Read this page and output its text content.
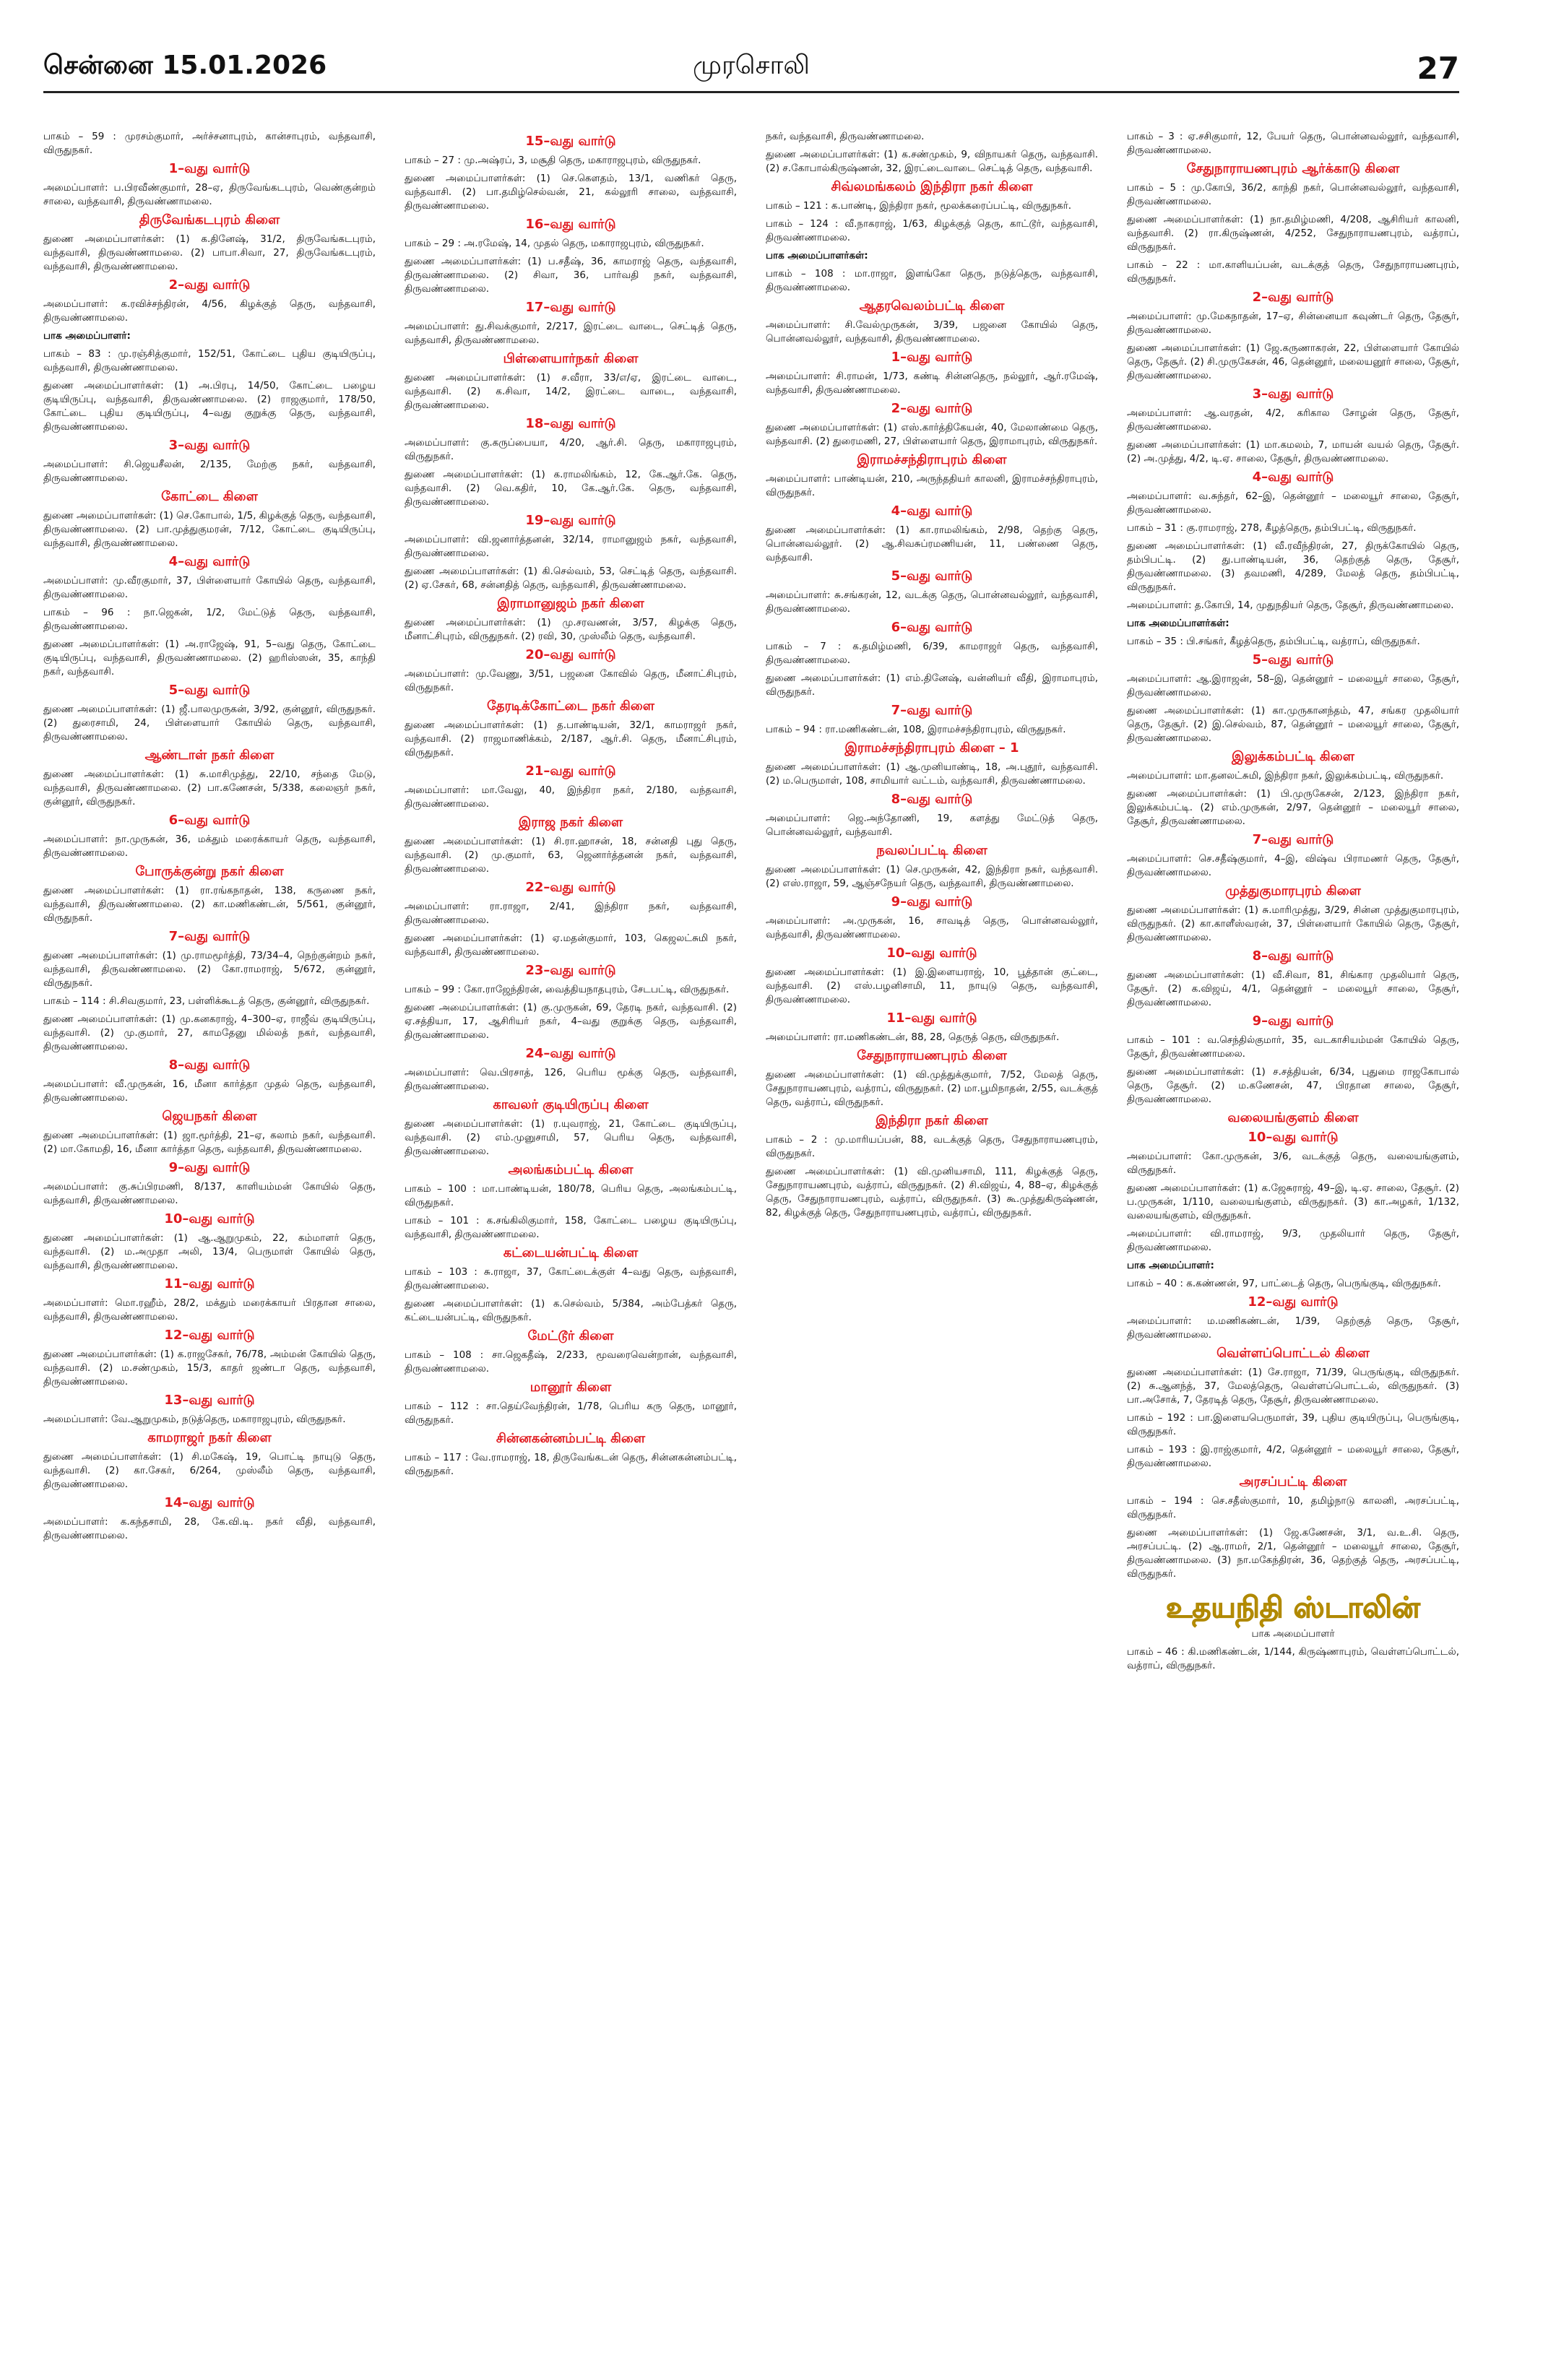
சென்னை 15.01.2026	முரசொலி	27
பாகம் – 59 : முரசம்குமார், அர்ச்சனாபுரம், கான்சாபுரம், வந்தவாசி, விருதுநகர்.
1–வது வார்டு
அமைப்பாளர்: ப.பிரவீண்குமார், 28–ஏ, திருவேங்கடபுரம், வெண்குன்றம் சாலை, வந்தவாசி, திருவண்ணாமலை.
திருவேங்கடபுரம் கிளை
துணை அமைப்பாளர்கள்: (1) க.தினேஷ், 31/2, திருவேங்கடபுரம், வந்தவாசி, திருவண்ணாமலை. (2) பாபா.சிவா, 27, திருவேங்கடபுரம், வந்தவாசி, திருவண்ணாமலை.
2–வது வார்டு
அமைப்பாளர்: க.ரவிச்சந்திரன், 4/56, கிழக்குத் தெரு, வந்தவாசி, திருவண்ணாமலை.
பாக அமைப்பாளர்:
பாகம் – 83 : மு.ரஞ்சித்குமார், 152/51, கோட்டை புதிய குடியிருப்பு, வந்தவாசி, திருவண்ணாமலை.
துணை அமைப்பாளர்கள்: (1) அ.பிரபு, 14/50, கோட்டை பழைய குடியிருப்பு, வந்தவாசி, திருவண்ணாமலை. (2) ராஜகுமார், 178/50, கோட்டை புதிய குடியிருப்பு, 4–வது குறுக்கு தெரு, வந்தவாசி, திருவண்ணாமலை.
3–வது வார்டு
அமைப்பாளர்: சி.ஜெயசீலன், 2/135, மேற்கு நகர், வந்தவாசி, திருவண்ணாமலை.
கோட்டை கிளை
துணை அமைப்பாளர்கள்: (1) செ.கோபால், 1/5, கிழக்குத் தெரு, வந்தவாசி, திருவண்ணாமலை. (2) பா.முத்துகுமரன், 7/12, கோட்டை குடியிருப்பு, வந்தவாசி, திருவண்ணாமலை.
4–வது வார்டு
அமைப்பாளர்: மு.வீரகுமார், 37, பிள்ளையார் கோயில் தெரு, வந்தவாசி, திருவண்ணாமலை.
பாகம் – 96 : நா.ஜெகன், 1/2, மேட்டுத் தெரு, வந்தவாசி, திருவண்ணாமலை.
துணை அமைப்பாளர்கள்: (1) அ.ராஜேஷ், 91, 5–வது தெரு, கோட்டை குடியிருப்பு, வந்தவாசி, திருவண்ணாமலை. (2) ஹரிஸ்ஸன், 35, காந்தி நகர், வந்தவாசி.
5–வது வார்டு
துணை அமைப்பாளர்கள்: (1) ஜீ.பாலமுருகன், 3/92, குன்னூர், விருதுநகர். (2) துரைசாமி, 24, பிள்ளையார் கோயில் தெரு, வந்தவாசி, திருவண்ணாமலை.
ஆண்டாள் நகர் கிளை
துணை அமைப்பாளர்கள்: (1) சு.மாசிமுத்து, 22/10, சந்தை மேடு, வந்தவாசி, திருவண்ணாமலை. (2) பா.கணேசன், 5/338, கலைஞர் நகர், குன்னூர், விருதுநகர்.
6–வது வார்டு
அமைப்பாளர்: நா.முருகன், 36, மக்தும் மரைக்காயர் தெரு, வந்தவாசி, திருவண்ணாமலை.
போருக்குன்று நகர் கிளை
துணை அமைப்பாளர்கள்: (1) ரா.ரங்கநாதன், 138, கருணை நகர், வந்தவாசி, திருவண்ணாமலை. (2) கா.மணிகண்டன், 5/561, குன்னூர், விருதுநகர்.
7–வது வார்டு
துணை அமைப்பாளர்கள்: (1) மு.ராமமூர்த்தி, 73/34–4, நெற்குன்றம் நகர், வந்தவாசி, திருவண்ணாமலை. (2) கோ.ராமராஜ், 5/672, குன்னூர், விருதுநகர்.
பாகம் – 114 : சி.சிவகுமார், 23, பள்ளிக்கூடத் தெரு, குன்னூர், விருதுநகர்.
துணை அமைப்பாளர்கள்: (1) மு.கனகராஜ், 4–300–ஏ, ராஜீவ் குடியிருப்பு, வந்தவாசி. (2) மு.குமார், 27, காமதேனு மில்லத் நகர், வந்தவாசி, திருவண்ணாமலை.
8–வது வார்டு
அமைப்பாளர்: வீ.முருகன், 16, மீனா கார்த்தா முதல் தெரு, வந்தவாசி, திருவண்ணாமலை.
ஜெயநகர் கிளை
துணை அமைப்பாளர்கள்: (1) ஜா.மூர்த்தி, 21–ஏ, கலாம் நகர், வந்தவாசி. (2) மா.கோமதி, 16, மீனா கார்த்தா தெரு, வந்தவாசி, திருவண்ணாமலை.
9–வது வார்டு
அமைப்பாளர்: கு.சுப்பிரமணி, 8/137, காளியம்மன் கோயில் தெரு, வந்தவாசி, திருவண்ணாமலை.
10–வது வார்டு
துணை அமைப்பாளர்கள்: (1) ஆ.ஆறுமுகம், 22, கம்மாளர் தெரு, வந்தவாசி. (2) ம.அமுதா அலி, 13/4, பெருமாள் கோயில் தெரு, வந்தவாசி, திருவண்ணாமலை.
11–வது வார்டு
அமைப்பாளர்: மொ.ரஹீம், 28/2, மக்தும் மரைக்காயர் பிரதான சாலை, வந்தவாசி, திருவண்ணாமலை.
12–வது வார்டு
துணை அமைப்பாளர்கள்: (1) க.ராஜசேகர், 76/78, அம்மன் கோயில் தெரு, வந்தவாசி. (2) ம.சண்முகம், 15/3, காதர் ஜண்டா தெரு, வந்தவாசி, திருவண்ணாமலை.
13–வது வார்டு
அமைப்பாளர்: வே.ஆறுமுகம், நடுத்தெரு, மகாராஜபுரம், விருதுநகர்.
காமராஜர் நகர் கிளை
துணை அமைப்பாளர்கள்: (1) சி.மகேஷ், 19, பொட்டி நாயுடு தெரு, வந்தவாசி. (2) கா.சேகர், 6/264, முஸ்லீம் தெரு, வந்தவாசி, திருவண்ணாமலை.
14–வது வார்டு
அமைப்பாளர்: க.கந்தசாமி, 28, கே.வி.டி. நகர் வீதி, வந்தவாசி, திருவண்ணாமலை.
15–வது வார்டு
பாகம் – 27 : மு.அஷ்ரப், 3, மசூதி தெரு, மகாராஜபுரம், விருதுநகர்.
துணை அமைப்பாளர்கள்: (1) செ.கௌதம், 13/1, வணிகர் தெரு, வந்தவாசி. (2) பா.தமிழ்செல்வன், 21, கல்லூரி சாலை, வந்தவாசி, திருவண்ணாமலை.
16–வது வார்டு
பாகம் – 29 : அ.ரமேஷ், 14, முதல் தெரு, மகாராஜபுரம், விருதுநகர்.
துணை அமைப்பாளர்கள்: (1) ப.சதீஷ், 36, காமராஜ் தெரு, வந்தவாசி, திருவண்ணாமலை. (2) சிவா, 36, பார்வதி நகர், வந்தவாசி, திருவண்ணாமலை.
17–வது வார்டு
அமைப்பாளர்: து.சிவக்குமார், 2/217, இரட்டை வாடை, செட்டித் தெரு, வந்தவாசி, திருவண்ணாமலை.
பிள்ளையார்நகர் கிளை
துணை அமைப்பாளர்கள்: (1) ச.வீரா, 33/எ/ஏ, இரட்டை வாடை, வந்தவாசி. (2) க.சிவா, 14/2, இரட்டை வாடை, வந்தவாசி, திருவண்ணாமலை.
18–வது வார்டு
அமைப்பாளர்: கு.கருப்பையா, 4/20, ஆர்.சி. தெரு, மகாராஜபுரம், விருதுநகர்.
துணை அமைப்பாளர்கள்: (1) க.ராமலிங்கம், 12, கே.ஆர்.கே. தெரு, வந்தவாசி. (2) வெ.கதிர், 10, கே.ஆர்.கே. தெரு, வந்தவாசி, திருவண்ணாமலை.
19–வது வார்டு
அமைப்பாளர்: வி.ஜனார்த்தனன், 32/14, ராமானுஜம் நகர், வந்தவாசி, திருவண்ணாமலை.
துணை அமைப்பாளர்கள்: (1) கி.செல்வம், 53, செட்டித் தெரு, வந்தவாசி. (2) ஏ.சேகர், 68, சன்னதித் தெரு, வந்தவாசி, திருவண்ணாமலை.
இராமானுஜம் நகர் கிளை
துணை அமைப்பாளர்கள்: (1) மு.சரவணன், 3/57, கிழக்கு தெரு, மீனாட்சிபுரம், விருதுநகர். (2) ரவி, 30, முஸ்லீம் தெரு, வந்தவாசி.
20–வது வார்டு
அமைப்பாளர்: மு.வேணு, 3/51, பஜனை கோவில் தெரு, மீனாட்சிபுரம், விருதுநகர்.
தேரடிக்கோட்டை நகர் கிளை
துணை அமைப்பாளர்கள்: (1) த.பாண்டியன், 32/1, காமராஜர் நகர், வந்தவாசி. (2) ராஜமாணிக்கம், 2/187, ஆர்.சி. தெரு, மீனாட்சிபுரம், விருதுநகர்.
21–வது வார்டு
அமைப்பாளர்: மா.வேலு, 40, இந்திரா நகர், 2/180, வந்தவாசி, திருவண்ணாமலை.
இராஜ நகர் கிளை
துணை அமைப்பாளர்கள்: (1) சி.ரா.ஹாசன், 18, சன்னதி புது தெரு, வந்தவாசி. (2) மு.குமார், 63, ஜெனார்த்தனன் நகர், வந்தவாசி, திருவண்ணாமலை.
22–வது வார்டு
அமைப்பாளர்: ரா.ராஜா, 2/41, இந்திரா நகர், வந்தவாசி, திருவண்ணாமலை.
துணை அமைப்பாளர்கள்: (1) ஏ.மதன்குமார், 103, கெஜலட்சுமி நகர், வந்தவாசி, திருவண்ணாமலை.
23–வது வார்டு
பாகம் – 99 : கோ.ராஜேந்திரன், வைத்தியநாதபுரம், சேடபட்டி, விருதுநகர்.
துணை அமைப்பாளர்கள்: (1) கு.முருகன், 69, தேரடி நகர், வந்தவாசி. (2) ஏ.சத்தியா, 17, ஆசிரியர் நகர், 4–வது குறுக்கு தெரு, வந்தவாசி, திருவண்ணாமலை.
24–வது வார்டு
அமைப்பாளர்: வெ.பிரசாத், 126, பெரிய மூக்கு தெரு, வந்தவாசி, திருவண்ணாமலை.
காவலர் குடியிருப்பு கிளை
துணை அமைப்பாளர்கள்: (1) ர.யுவராஜ், 21, கோட்டை குடியிருப்பு, வந்தவாசி. (2) எம்.முனுசாமி, 57, பெரிய தெரு, வந்தவாசி, திருவண்ணாமலை.
அலங்கம்பட்டி கிளை
பாகம் – 100 : மா.பாண்டியன், 180/78, பெரிய தெரு, அலங்கம்பட்டி, விருதுநகர்.
பாகம் – 101 : க.சங்கிலிகுமார், 158, கோட்டை பழைய குடியிருப்பு, வந்தவாசி, திருவண்ணாமலை.
கட்டையன்பட்டி கிளை
பாகம் – 103 : சு.ராஜா, 37, கோட்டைக்குள் 4–வது தெரு, வந்தவாசி, திருவண்ணாமலை.
துணை அமைப்பாளர்கள்: (1) க.செல்வம், 5/384, அம்பேத்கர் தெரு, கட்டையன்பட்டி, விருதுநகர்.
மேட்டூர் கிளை
பாகம் – 108 : சா.ஜெகதீஷ், 2/233, மூவரைவென்றான், வந்தவாசி, திருவண்ணாமலை.
மானூர் கிளை
பாகம் – 112 : சா.தெய்வேந்திரன், 1/78, பெரிய கரு தெரு, மானூர், விருதுநகர்.
சின்னகன்னம்பட்டி கிளை
பாகம் – 117 : வே.ராமராஜ், 18, திருவேங்கடன் தெரு, சின்னகன்னம்பட்டி, விருதுநகர்.
நகர், வந்தவாசி, திருவண்ணாமலை.
துணை அமைப்பாளர்கள்: (1) க.சண்முகம், 9, விநாயகர் தெரு, வந்தவாசி. (2) ச.கோபால்கிருஷ்ணன், 32, இரட்டைவாடை செட்டித் தெரு, வந்தவாசி.
சிவ்லமங்கலம் இந்திரா நகர் கிளை
பாகம் – 121 : க.பாண்டி, இந்திரா நகர், மூலக்கரைப்பட்டி, விருதுநகர்.
பாகம் – 124 : வீ.நாகராஜ், 1/63, கிழக்குத் தெரு, காட்டூர், வந்தவாசி, திருவண்ணாமலை.
பாக அமைப்பாளர்கள்:
பாகம் – 108 : மா.ராஜா, இளங்கோ தெரு, நடுத்தெரு, வந்தவாசி, திருவண்ணாமலை.
ஆதரவெலம்பட்டி கிளை
அமைப்பாளர்: சி.வேல்முருகன், 3/39, பஜனை கோயில் தெரு, பொன்னவல்லூர், வந்தவாசி, திருவண்ணாமலை.
1–வது வார்டு
அமைப்பாளர்: சி.ராமன், 1/73, கண்டி சின்னதெரு, நல்லூர், ஆர்.ரமேஷ், வந்தவாசி, திருவண்ணாமலை.
2–வது வார்டு
துணை அமைப்பாளர்கள்: (1) எஸ்.கார்த்திகேயன், 40, மேலாண்மை தெரு, வந்தவாசி. (2) துரைமணி, 27, பிள்ளையார் தெரு, இராமாபுரம், விருதுநகர்.
இராமச்சந்திராபுரம் கிளை
அமைப்பாளர்: பாண்டியன், 210, அருந்ததியர் காலனி, இராமச்சந்திராபுரம், விருதுநகர்.
4–வது வார்டு
துணை அமைப்பாளர்கள்: (1) கா.ராமலிங்கம், 2/98, தெற்கு தெரு, பொன்னவல்லூர். (2) ஆ.சிவசுப்ரமணியன், 11, பண்ணை தெரு, வந்தவாசி.
5–வது வார்டு
அமைப்பாளர்: சு.சங்கரன், 12, வடக்கு தெரு, பொன்னவல்லூர், வந்தவாசி, திருவண்ணாமலை.
6–வது வார்டு
பாகம் – 7 : க.தமிழ்மணி, 6/39, காமராஜர் தெரு, வந்தவாசி, திருவண்ணாமலை.
துணை அமைப்பாளர்கள்: (1) எம்.தினேஷ், வன்னியர் வீதி, இராமாபுரம், விருதுநகர்.
7–வது வார்டு
பாகம் – 94 : ரா.மணிகண்டன், 108, இராமச்சந்திராபுரம், விருதுநகர்.
இராமச்சந்திராபுரம் கிளை – 1
துணை அமைப்பாளர்கள்: (1) ஆ.முனியாண்டி, 18, அ.புதூர், வந்தவாசி. (2) ம.பெருமாள், 108, சாமியார் வட்டம், வந்தவாசி, திருவண்ணாமலை.
8–வது வார்டு
அமைப்பாளர்: ஜெ.அந்தோணி, 19, களத்து மேட்டுத் தெரு, பொன்னவல்லூர், வந்தவாசி.
நவலப்பட்டி கிளை
துணை அமைப்பாளர்கள்: (1) செ.முருகன், 42, இந்திரா நகர், வந்தவாசி. (2) எஸ்.ராஜா, 59, ஆஞ்சநேயர் தெரு, வந்தவாசி, திருவண்ணாமலை.
9–வது வார்டு
அமைப்பாளர்: அ.முருகன், 16, சாவடித் தெரு, பொன்னவல்லூர், வந்தவாசி, திருவண்ணாமலை.
10–வது வார்டு
துணை அமைப்பாளர்கள்: (1) இ.இளையராஜ், 10, பூத்தான் குட்டை, வந்தவாசி. (2) எஸ்.பழனிசாமி, 11, நாயுடு தெரு, வந்தவாசி, திருவண்ணாமலை.
11–வது வார்டு
அமைப்பாளர்: ரா.மணிகண்டன், 88, 28, தெருத் தெரு, விருதுநகர்.
சேதுநாராயணபுரம் கிளை
துணை அமைப்பாளர்கள்: (1) வி.முத்துக்குமார், 7/52, மேலத் தெரு, சேதுநாராயணபுரம், வத்ராப், விருதுநகர். (2) மா.பூமிநாதன், 2/55, வடக்குத் தெரு, வத்ராப், விருதுநகர்.
இந்திரா நகர் கிளை
பாகம் – 2 : மு.மாரியப்பன், 88, வடக்குத் தெரு, சேதுநாராயணபுரம், விருதுநகர்.
துணை அமைப்பாளர்கள்: (1) வி.முனியசாமி, 111, கிழக்குத் தெரு, சேதுநாராயணபுரம், வத்ராப், விருதுநகர். (2) சி.விஜய், 4, 88–ஏ, கிழக்குத் தெரு, சேதுநாராயணபுரம், வத்ராப், விருதுநகர். (3) கூ.முத்துகிருஷ்ணன், 82, கிழக்குத் தெரு, சேதுநாராயணபுரம், வத்ராப், விருதுநகர்.
பாகம் – 3 : ஏ.சசிகுமார், 12, பேயர் தெரு, பொன்னவல்லூர், வந்தவாசி, திருவண்ணாமலை.
சேதுநாராயணபுரம் ஆர்க்காடு கிளை
பாகம் – 5 : மு.கோபி, 36/2, காந்தி நகர், பொன்னவல்லூர், வந்தவாசி, திருவண்ணாமலை.
துணை அமைப்பாளர்கள்: (1) நா.தமிழ்மணி, 4/208, ஆசிரியர் காலனி, வந்தவாசி. (2) ரா.கிருஷ்ணன், 4/252, சேதுநாராயணபுரம், வத்ராப், விருதுநகர்.
பாகம் – 22 : மா.காளியப்பன், வடக்குத் தெரு, சேதுநாராயணபுரம், விருதுநகர்.
2–வது வார்டு
அமைப்பாளர்: மு.மேகநாதன், 17–ஏ, சின்னையா கவுண்டர் தெரு, தேசூர், திருவண்ணாமலை.
துணை அமைப்பாளர்கள்: (1) ஜே.கருணாகரன், 22, பிள்ளையார் கோயில் தெரு, தேசூர். (2) சி.முருகேசன், 46, தென்னூர், மலையனூர் சாலை, தேசூர், திருவண்ணாமலை.
3–வது வார்டு
அமைப்பாளர்: ஆ.வரதன், 4/2, கரிகால சோழன் தெரு, தேசூர், திருவண்ணாமலை.
துணை அமைப்பாளர்கள்: (1) மா.கமலம், 7, மாயன் வயல் தெரு, தேசூர். (2) அ.முத்து, 4/2, டி.ஏ. சாலை, தேசூர், திருவண்ணாமலை.
4–வது வார்டு
அமைப்பாளர்: வ.சுந்தர், 62–இ, தென்னூர் – மலையூர் சாலை, தேசூர், திருவண்ணாமலை.
பாகம் – 31 : கு.ராமராஜ், 278, கீழத்தெரு, தம்பிபட்டி, விருதுநகர்.
துணை அமைப்பாளர்கள்: (1) வீ.ரவீந்திரன், 27, திருக்கோயில் தெரு, தம்பிபட்டி. (2) து.பாண்டியன், 36, தெற்குத் தெரு, தேசூர், திருவண்ணாமலை. (3) தவமணி, 4/289, மேலத் தெரு, தம்பிபட்டி, விருதுநகர்.
அமைப்பாளர்: த.கோபி, 14, முதுநதியர் தெரு, தேசூர், திருவண்ணாமலை.
பாக அமைப்பாளர்கள்:
பாகம் – 35 : பி.சங்கர், கீழத்தெரு, தம்பிபட்டி, வத்ராப், விருதுநகர்.
5–வது வார்டு
அமைப்பாளர்: ஆ.இராஜன், 58–இ, தென்னூர் – மலையூர் சாலை, தேசூர், திருவண்ணாமலை.
துணை அமைப்பாளர்கள்: (1) கா.முருகானந்தம், 47, சங்கர முதலியார் தெரு, தேசூர். (2) இ.செல்வம், 87, தென்னூர் – மலையூர் சாலை, தேசூர், திருவண்ணாமலை.
இலுக்கம்பட்டி கிளை
அமைப்பாளர்: மா.தனலட்சுமி, இந்திரா நகர், இலுக்கம்பட்டி, விருதுநகர்.
துணை அமைப்பாளர்கள்: (1) பி.முருகேசன், 2/123, இந்திரா நகர், இலுக்கம்பட்டி. (2) எம்.முருகன், 2/97, தென்னூர் – மலையூர் சாலை, தேசூர், திருவண்ணாமலை.
7–வது வார்டு
அமைப்பாளர்: செ.சதீஷ்குமார், 4–இ, விஷ்வ பிராமணர் தெரு, தேசூர், திருவண்ணாமலை.
முத்துகுமாரபுரம் கிளை
துணை அமைப்பாளர்கள்: (1) சு.மாரிமுத்து, 3/29, சின்ன முத்துகுமாரபுரம், விருதுநகர். (2) கா.காளீஸ்வரன், 37, பிள்ளையார் கோயில் தெரு, தேசூர், திருவண்ணாமலை.
8–வது வார்டு
துணை அமைப்பாளர்கள்: (1) வீ.சிவா, 81, சிங்கார முதலியார் தெரு, தேசூர். (2) க.விஜய், 4/1, தென்னூர் – மலையூர் சாலை, தேசூர், திருவண்ணாமலை.
9–வது வார்டு
பாகம் – 101 : வ.செந்தில்குமார், 35, வடகாசியம்மன் கோயில் தெரு, தேசூர், திருவண்ணாமலை.
துணை அமைப்பாளர்கள்: (1) ச.சத்தியன், 6/34, புதுமை ராஜகோபால் தெரு, தேசூர். (2) ம.கணேசன், 47, பிரதான சாலை, தேசூர், திருவண்ணாமலை.
வலையங்குளம் கிளை
10–வது வார்டு
அமைப்பாளர்: கோ.முருகன், 3/6, வடக்குத் தெரு, வலையங்குளம், விருதுநகர்.
துணை அமைப்பாளர்கள்: (1) க.ஜேசுராஜ், 49–இ, டி.ஏ. சாலை, தேசூர். (2) ப.முருகன், 1/110, வலையங்குளம், விருதுநகர். (3) கா.அழகர், 1/132, வலையங்குளம், விருதுநகர்.
அமைப்பாளர்: வி.ராமராஜ், 9/3, முதலியார் தெரு, தேசூர், திருவண்ணாமலை.
பாக அமைப்பாளர்:
பாகம் – 40 : க.கண்ணன், 97, பாட்டைத் தெரு, பெருங்குடி, விருதுநகர்.
12–வது வார்டு
அமைப்பாளர்: ம.மணிகண்டன், 1/39, தெற்குத் தெரு, தேசூர், திருவண்ணாமலை.
வெள்ளப்பொட்டல் கிளை
துணை அமைப்பாளர்கள்: (1) சே.ராஜா, 71/39, பெருங்குடி, விருதுநகர். (2) சு.ஆனந்த், 37, மேலத்தெரு, வெள்ளப்பொட்டல், விருதுநகர். (3) பா.அசோக், 7, தேரடித் தெரு, தேசூர், திருவண்ணாமலை.
பாகம் – 192 : பா.இளையபெருமாள், 39, புதிய குடியிருப்பு, பெருங்குடி, விருதுநகர்.
பாகம் – 193 : இ.ராஜ்குமார், 4/2, தென்னூர் – மலையூர் சாலை, தேசூர், திருவண்ணாமலை.
அரசப்பட்டி கிளை
பாகம் – 194 : செ.சதீஸ்குமார், 10, தமிழ்நாடு காலனி, அரசப்பட்டி, விருதுநகர்.
துணை அமைப்பாளர்கள்: (1) ஜே.கணேசன், 3/1, வ.உ.சி. தெரு, அரசப்பட்டி. (2) ஆ.ராமர், 2/1, தென்னூர் – மலையூர் சாலை, தேசூர், திருவண்ணாமலை. (3) நா.மகேந்திரன், 36, தெற்குத் தெரு, அரசப்பட்டி, விருதுநகர்.
உதயநிதி ஸ்டாலின்
பாக அமைப்பாளர்
பாகம் – 46 : கி.மணிகண்டன், 1/144, கிருஷ்ணாபுரம், வெள்ளப்பொட்டல், வத்ராப், விருதுநகர்.
